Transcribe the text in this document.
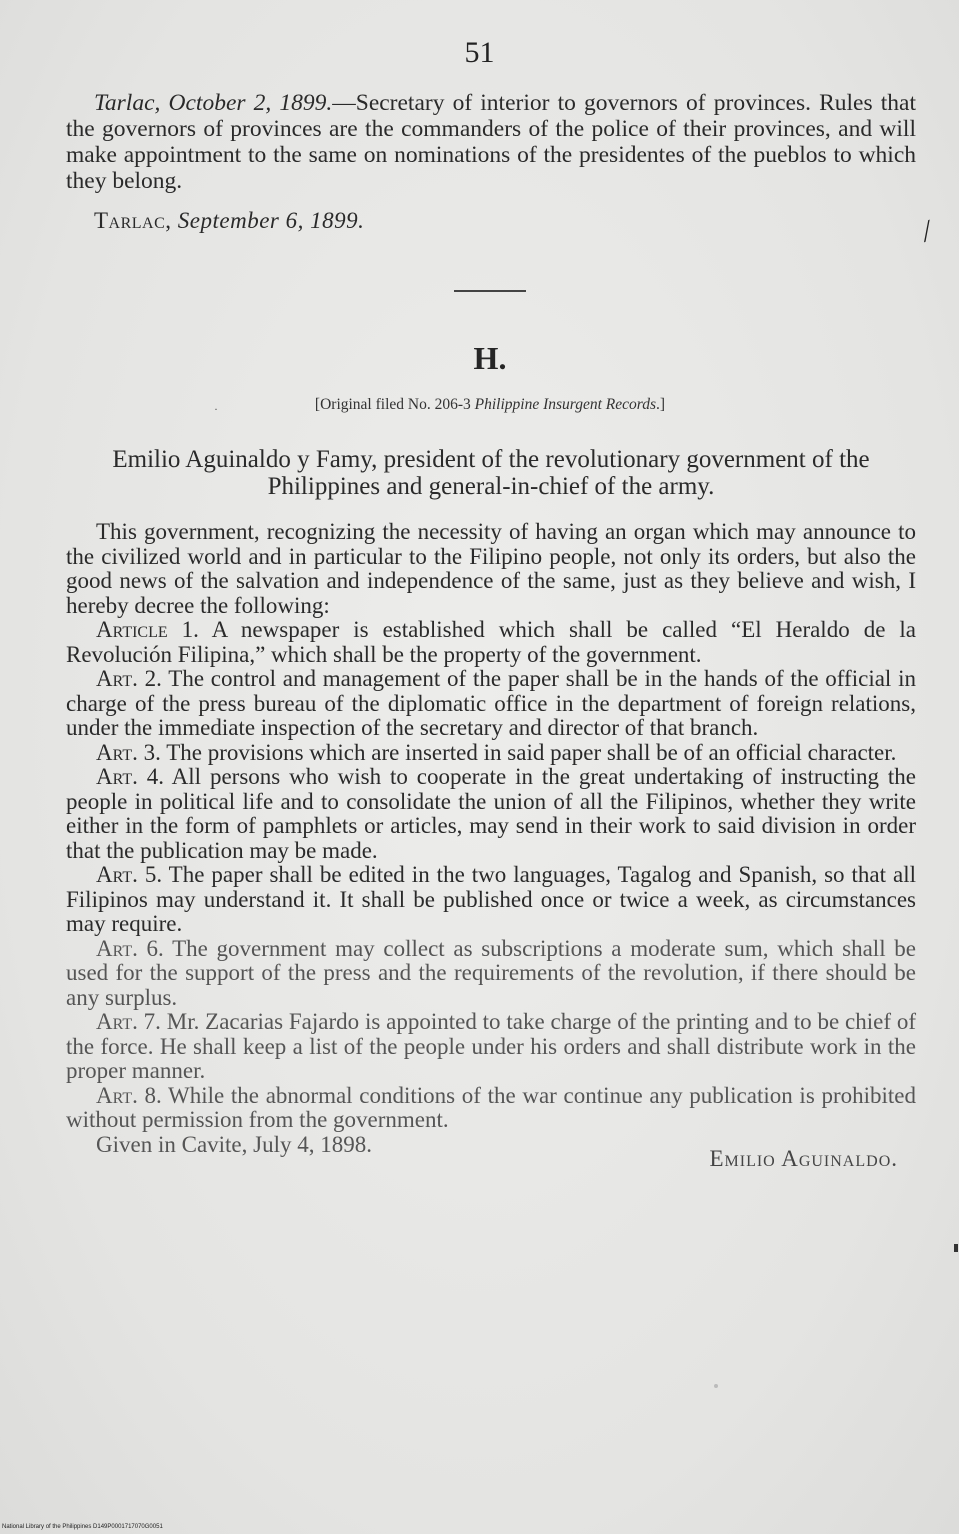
51
Tarlac, October 2, 1899.—Secretary of interior to governors of provinces. Rules that the governors of provinces are the commanders of the police of their provinces, and will make appointment to the same on nominations of the presidentes of the pueblos to which they belong.
Tarlac, September 6, 1899.	∕
H.
·	[Original filed No. 206-3 Philippine Insurgent Records.]
Emilio Aguinaldo y Famy, president of the revolutionary government of the Philippines and general-in-chief of the army.

This government, recognizing the necessity of having an organ which may announce to the civilized world and in particular to the Filipino people, not only its orders, but also the good news of the salvation and independence of the same, just as they believe and wish, I hereby decree the following:

Article 1. A newspaper is established which shall be called “El Heraldo de la Revolución Filipina,” which shall be the property of the government.

Art. 2. The control and management of the paper shall be in the hands of the official in charge of the press bureau of the diplomatic office in the department of foreign relations, under the immediate inspection of the secretary and director of that branch.

Art. 3. The provisions which are inserted in said paper shall be of an official character.

Art. 4. All persons who wish to cooperate in the great undertaking of instructing the people in political life and to consolidate the union of all the Filipinos, whether they write either in the form of pamphlets or articles, may send in their work to said division in order that the publication may be made.

Art. 5. The paper shall be edited in the two languages, Tagalog and Spanish, so that all Filipinos may understand it. It shall be published once or twice a week, as circumstances may require.

Art. 6. The government may collect as subscriptions a moderate sum, which shall be used for the support of the press and the requirements of the revolution, if there should be any surplus.

Art. 7. Mr. Zacarias Fajardo is appointed to take charge of the printing and to be chief of the force. He shall keep a list of the people under his orders and shall distribute work in the proper manner.

Art. 8. While the abnormal conditions of the war continue any publication is prohibited without permission from the government.

Given in Cavite, July 4, 1898.
Emilio Aguinaldo.
National Library of the Philippines D149P0001717070G0051
